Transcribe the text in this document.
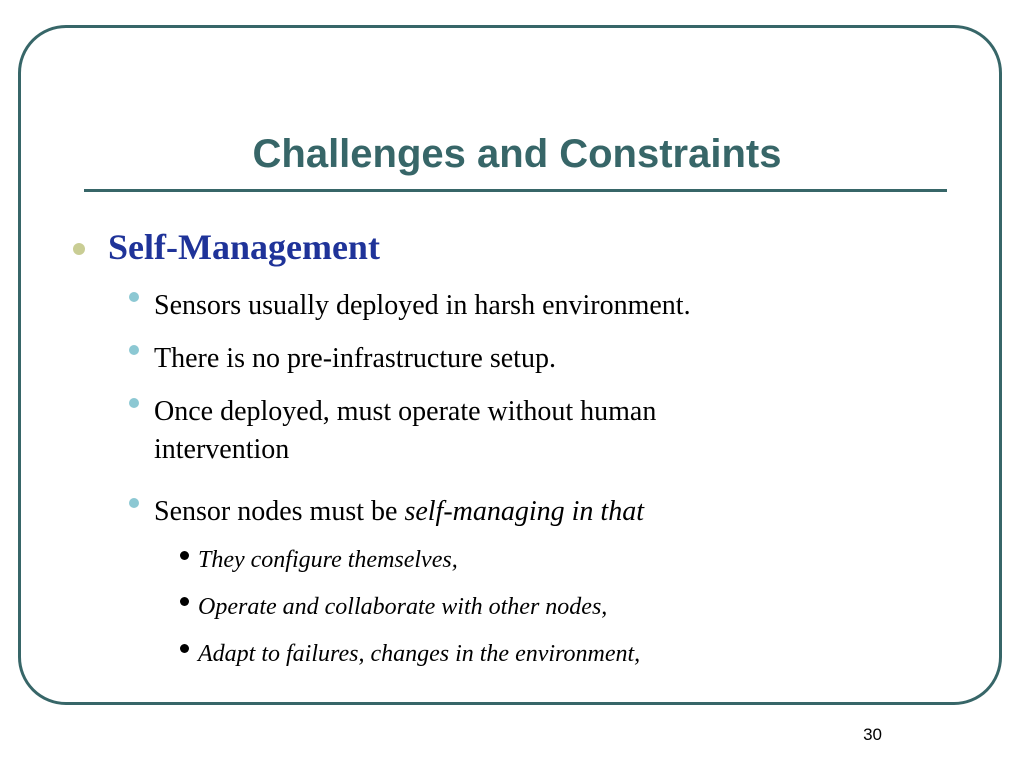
Challenges and Constraints
Self-Management
Sensors usually deployed in harsh environment.
There is no pre-infrastructure setup.
Once deployed, must operate without human
intervention
Sensor nodes must be self-managing in that
They configure themselves,
Operate and collaborate with other nodes,
Adapt to failures, changes in the environment,
30
